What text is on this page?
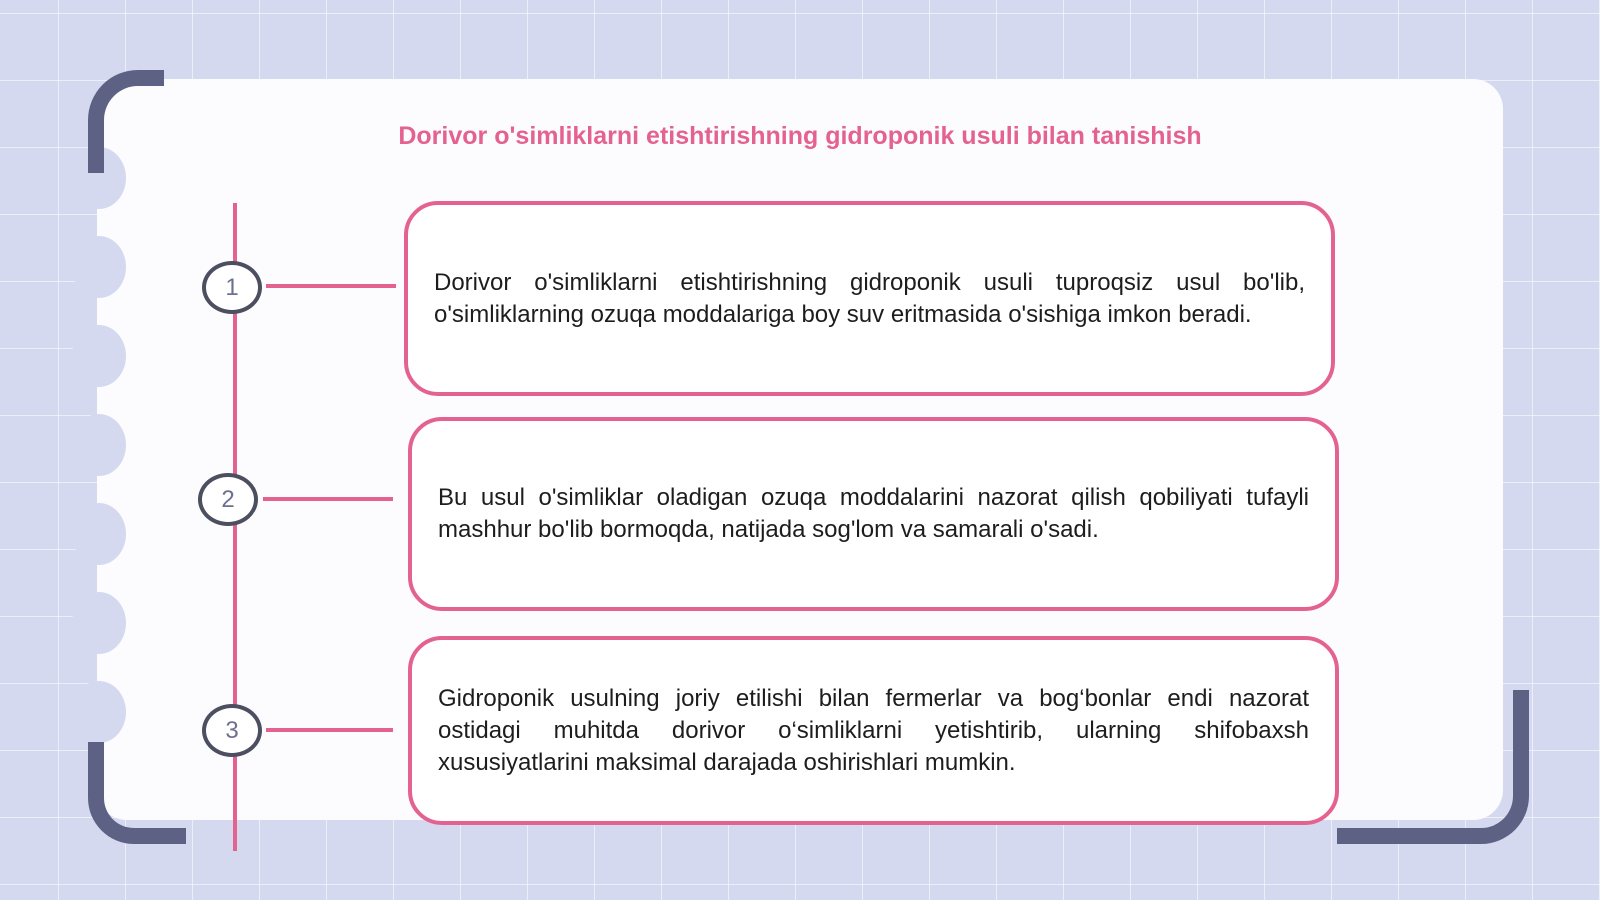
Dorivor o'simliklarni etishtirishning gidroponik usuli bilan tanishish
1
2
3
Dorivor o'simliklarni etishtirishning gidroponik usuli tuproqsiz usul bo'lib, o'simliklarning ozuqa moddalariga boy suv eritmasida o'sishiga imkon beradi.
Bu usul o'simliklar oladigan ozuqa moddalarini nazorat qilish qobiliyati tufayli mashhur bo'lib bormoqda, natijada sog'lom va samarali o'sadi.
Gidroponik usulning joriy etilishi bilan fermerlar va bog‘bonlar endi nazorat ostidagi muhitda dorivor o‘simliklarni yetishtirib, ularning shifobaxsh xususiyatlarini maksimal darajada oshirishlari mumkin.
